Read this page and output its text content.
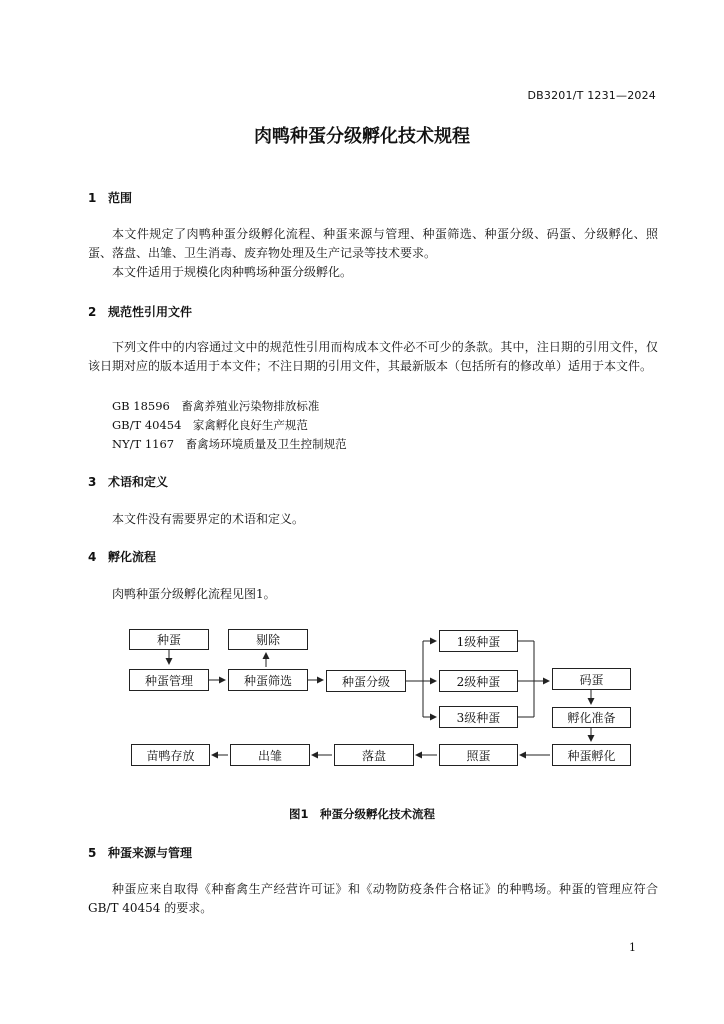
DB3201/T 1231—2024
肉鸭种蛋分级孵化技术规程
1 范围
本文件规定了肉鸭种蛋分级孵化流程、种蛋来源与管理、种蛋筛选、种蛋分级、码蛋、分级孵化、照蛋、落盘、出雏、卫生消毒、废弃物处理及生产记录等技术要求。
本文件适用于规模化肉种鸭场种蛋分级孵化。
2 规范性引用文件
下列文件中的内容通过文中的规范性引用而构成本文件必不可少的条款。其中，注日期的引用文件，仅该日期对应的版本适用于本文件；不注日期的引用文件，其最新版本（包括所有的修改单）适用于本文件。
GB 18596　畜禽养殖业污染物排放标准
GB/T 40454　家禽孵化良好生产规范
NY/T 1167　畜禽场环境质量及卫生控制规范
3 术语和定义
本文件没有需要界定的术语和定义。
4 孵化流程
肉鸭种蛋分级孵化流程见图1。
种蛋	剔除
种蛋管理	种蛋筛选	种蛋分级
1级种蛋
2级种蛋
3级种蛋
码蛋
孵化准备
种蛋孵化
照蛋
落盘
出雏
苗鸭存放
图1　种蛋分级孵化技术流程
5 种蛋来源与管理
种蛋应来自取得《种畜禽生产经营许可证》和《动物防疫条件合格证》的种鸭场。种蛋的管理应符合 GB/T 40454 的要求。
1
